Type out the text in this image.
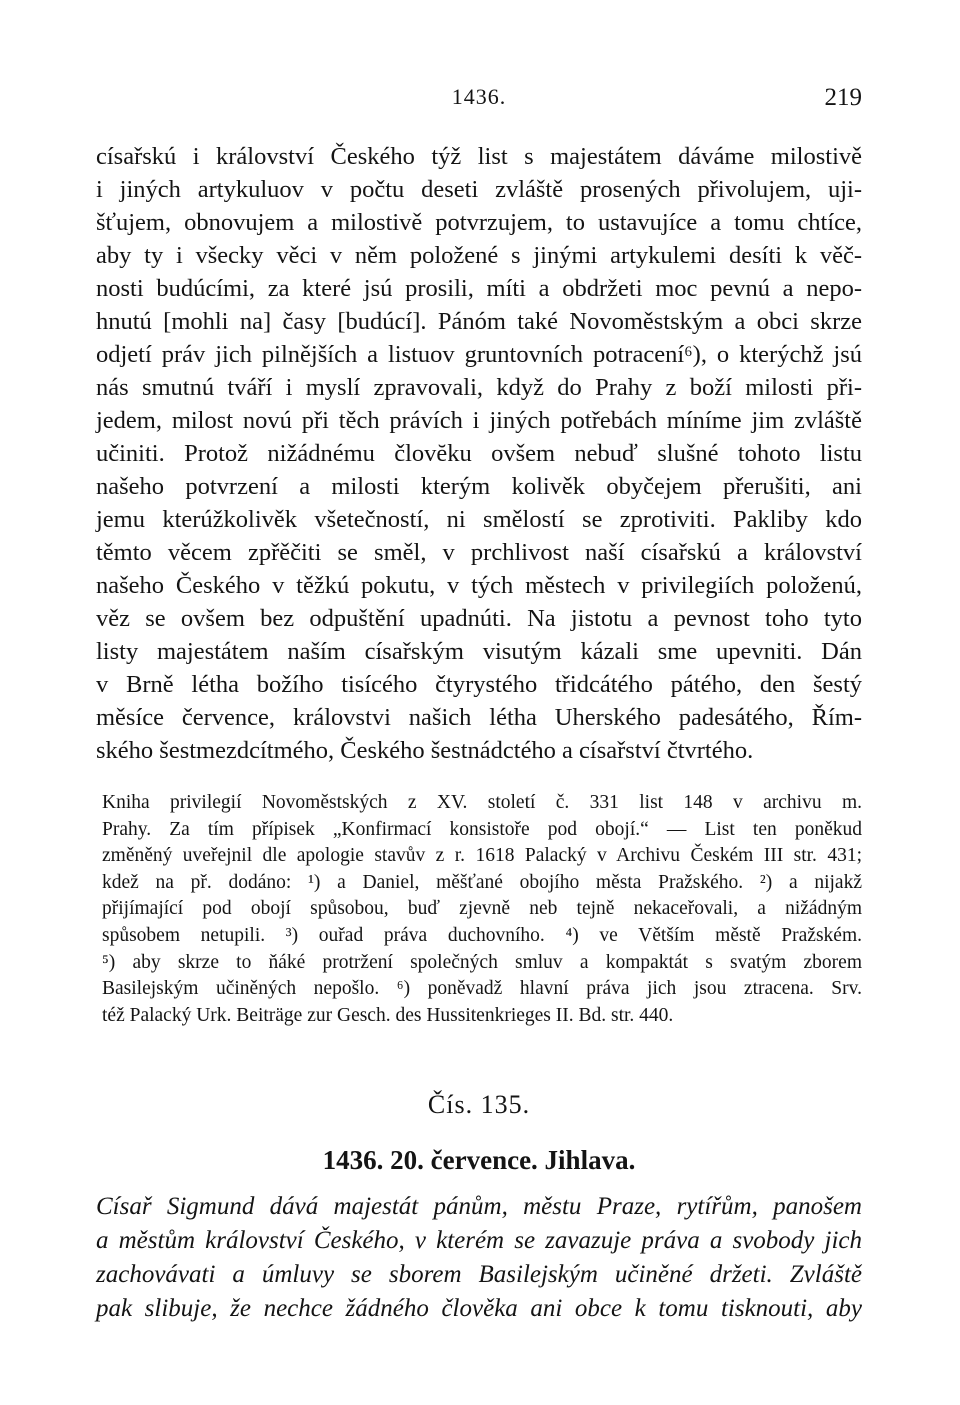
1436.	219
císařskú i království Českého týž list s majestátem dáváme milostivě
i jiných artykuluov v počtu deseti zvláště prosených přivolujem, uji-
šťujem, obnovujem a milostivě potvrzujem, to ustavujíce a tomu chtíce,
aby ty i všecky věci v něm položené s jinými artykulemi desíti k věč-
nosti budúcími, za které jsú prosili, míti a obdržeti moc pevnú a nepo-
hnutú [mohli na] časy [budúcí]. Pánóm také Novoměstským a obci skrze
odjetí práv jich pilnějších a listuov gruntovních potracení⁶), o kterýchž jsú
nás smutnú tváří i myslí zpravovali, když do Prahy z boží milosti při-
jedem, milost novú při těch právích i jiných potřebách míníme jim zvláště
učiniti. Protož nižádnému človĕku ovšem nebuď slušné tohoto listu
našeho potvrzení a milosti kterým kolivěk obyčejem přerušiti, ani
jemu kterúžkolivěk všetečností, ni smělostí se zprotiviti. Pakliby kdo
těmto věcem zpřěčiti se směl, v prchlivost naší císařskú a království
našeho Českého v těžkú pokutu, v tých městech v privilegiích položenú,
věz se ovšem bez odpuštění upadnúti. Na jistotu a pevnost toho tyto
listy majestátem naším císařským visutým kázali sme upevniti. Dán
v Brně létha božího tisícého čtyrystého třidcátého pátého, den šestý
měsíce července, královstvi našich létha Uherského padesátého, Řím-
ského šestmezdcítmého, Českého šestnádctého a císařství čtvrtého.
Kniha privilegií Novoměstských z XV. století č. 331 list 148 v archivu m.
Prahy. Za tím přípisek „Konfirmací konsistoře pod obojí.“ — List ten poněkud
změněný uveřejnil dle apologie stavův z r. 1618 Palacký v Archivu Českém III str. 431;
kdež na př. dodáno: ¹) a Daniel, měšťané obojího města Pražského. ²) a nijakž
přijímající pod obojí spůsobou, buď zjevně neb tejně nekaceřovali, a nižádným
spůsobem netupili. ³) ouřad práva duchovního. ⁴) ve Větším městě Pražském.
⁵) aby skrze to ňáké protržení společných smluv a kompaktát s svatým zborem
Basilejským učiněných nepošlo. ⁶) poněvadž hlavní práva jich jsou ztracena. Srv.
též Palacký Urk. Beiträge zur Gesch. des Hussitenkrieges II. Bd. str. 440.
Čís. 135.
1436. 20. července. Jihlava.
Císař Sigmund dává majestát pánům, městu Praze, rytířům, panošem
a městům království Českého, v kterém se zavazuje práva a svobody jich
zachovávati a úmluvy se sborem Basilejským učiněné držeti. Zvláště
pak slibuje, že nechce žádného člověka ani obce k tomu tisknouti, aby
